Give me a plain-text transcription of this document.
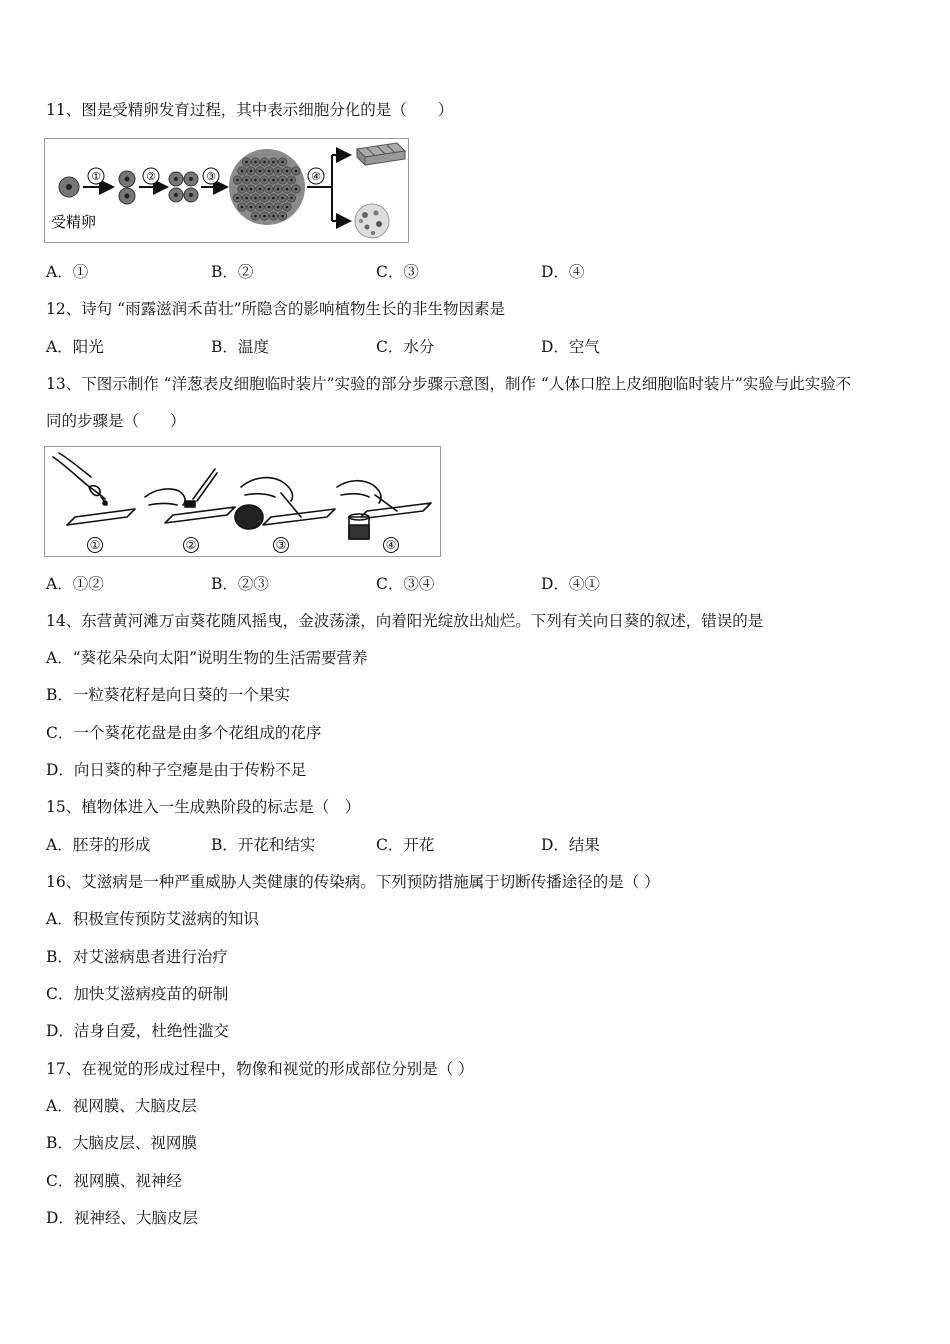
11、图是受精卵发育过程，其中表示细胞分化的是（　　）
受精卵
①	②	③	④
A．①	B．②	C．③	D．④
12、诗句 “雨露滋润禾苗壮”所隐含的影响植物生长的非生物因素是
A．阳光	B．温度	C．水分	D．空气
13、下图示制作 “洋葱表皮细胞临时装片”实验的部分步骤示意图，制作 “人体口腔上皮细胞临时装片”实验与此实验不
同的步骤是（　　）
①	②	③	④
A．①②	B．②③	C．③④	D．④①
14、东营黄河滩万亩葵花随风摇曳，金波荡漾，向着阳光绽放出灿烂。下列有关向日葵的叙述，错误的是
A．“葵花朵朵向太阳”说明生物的生活需要营养
B．一粒葵花籽是向日葵的一个果实
C．一个葵花花盘是由多个花组成的花序
D．向日葵的种子空瘪是由于传粉不足
15、植物体进入一生成熟阶段的标志是（　）
A．胚芽的形成	B．开花和结实	C．开花	D．结果
16、艾滋病是一种严重威胁人类健康的传染病。下列预防措施属于切断传播途径的是（ ）
A．积极宣传预防艾滋病的知识
B．对艾滋病患者进行治疗
C．加快艾滋病疫苗的研制
D．洁身自爱，杜绝性滥交
17、在视觉的形成过程中，物像和视觉的形成部位分别是（ ）
A．视网膜、大脑皮层
B．大脑皮层、视网膜
C．视网膜、视神经
D．视神经、大脑皮层
